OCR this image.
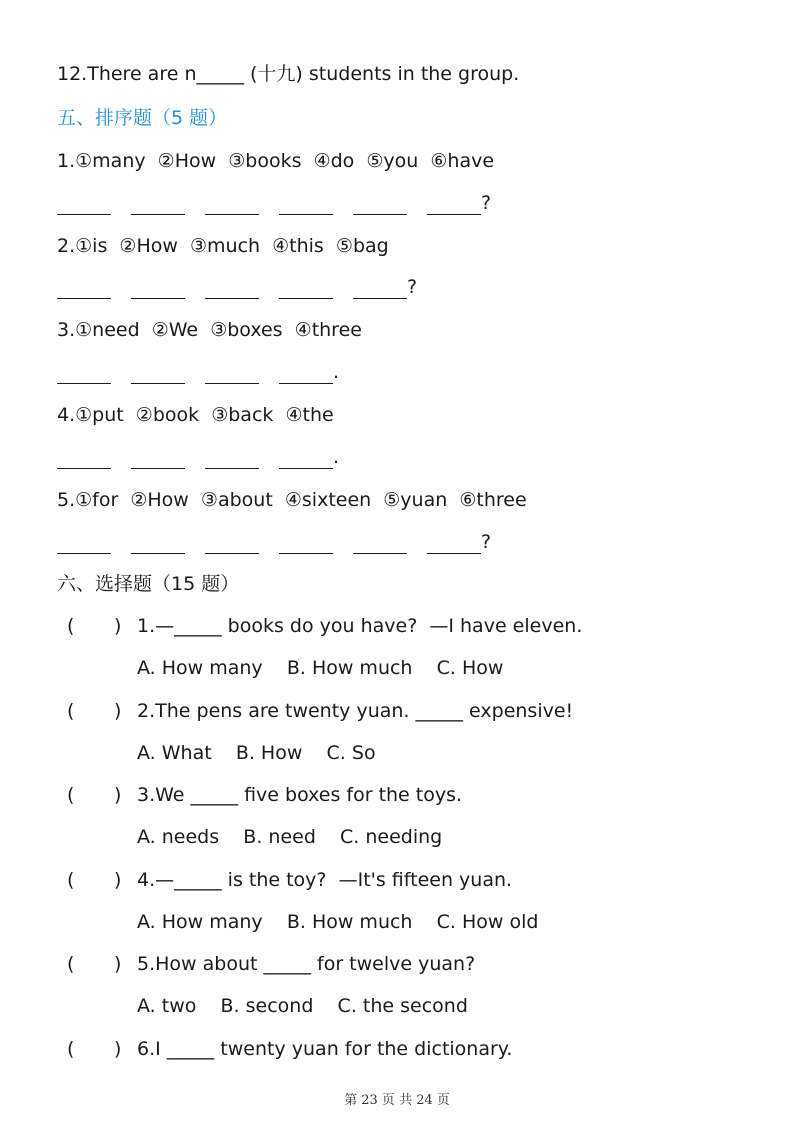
12.There are n_____ (十九) students in the group.
五、排序题（5 题）
1.①many  ②How  ③books  ④do  ⑤you  ⑥have
?
2.①is  ②How  ③much  ④this  ⑤bag
?
3.①need  ②We  ③boxes  ④three
.
4.①put  ②book  ③back  ④the
.
5.①for  ②How  ③about  ④sixteen  ⑤yuan  ⑥three
?
六、选择题（15 题）
( ) 1.—_____ books do you have?  —I have eleven.
A. How many    B. How much    C. How
( ) 2.The pens are twenty yuan. _____ expensive!
A. What    B. How    C. So
( ) 3.We _____ five boxes for the toys.
A. needs    B. need    C. needing
( ) 4.—_____ is the toy?  —It's fifteen yuan.
A. How many    B. How much    C. How old
( ) 5.How about _____ for twelve yuan?
A. two    B. second    C. the second
( ) 6.I _____ twenty yuan for the dictionary.
第 23 页 共 24 页
